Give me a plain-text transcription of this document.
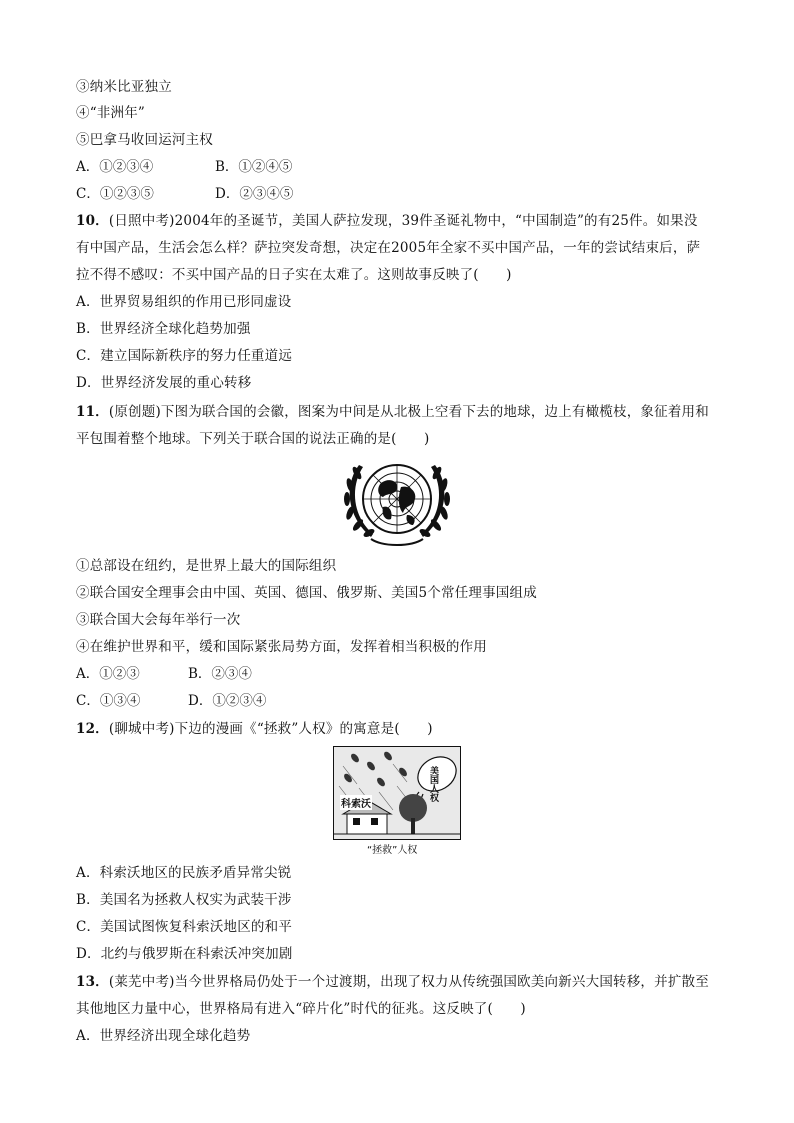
③纳米比亚独立
④“非洲年”
⑤巴拿马收回运河主权
A．①②③④	B．①②④⑤
C．①②③⑤	D．②③④⑤
10．(日照中考)2004年的圣诞节，美国人萨拉发现，39件圣诞礼物中，“中国制造”的有25件。如果没
有中国产品，生活会怎么样？萨拉突发奇想，决定在2005年全家不买中国产品，一年的尝试结束后，萨
拉不得不感叹：不买中国产品的日子实在太难了。这则故事反映了(　　)
A．世界贸易组织的作用已形同虚设
B．世界经济全球化趋势加强
C．建立国际新秩序的努力任重道远
D．世界经济发展的重心转移
11．(原创题)下图为联合国的会徽，图案为中间是从北极上空看下去的地球，边上有橄榄枝，象征着用和
平包围着整个地球。下列关于联合国的说法正确的是(　　)
①总部设在纽约，是世界上最大的国际组织
②联合国安全理事会由中国、英国、德国、俄罗斯、美国5个常任理事国组成
③联合国大会每年举行一次
④在维护世界和平，缓和国际紧张局势方面，发挥着相当积极的作用
A．①②③	B．②③④
C．①③④	D．①②③④
12．(聊城中考)下边的漫画《“拯救”人权》的寓意是(　　)
科索沃
美国人权
“拯救”人权
A．科索沃地区的民族矛盾异常尖锐
B．美国名为拯救人权实为武装干涉
C．美国试图恢复科索沃地区的和平
D．北约与俄罗斯在科索沃冲突加剧
13．(莱芜中考)当今世界格局仍处于一个过渡期，出现了权力从传统强国欧美向新兴大国转移，并扩散至
其他地区力量中心，世界格局有进入“碎片化”时代的征兆。这反映了(　　)
A．世界经济出现全球化趋势
